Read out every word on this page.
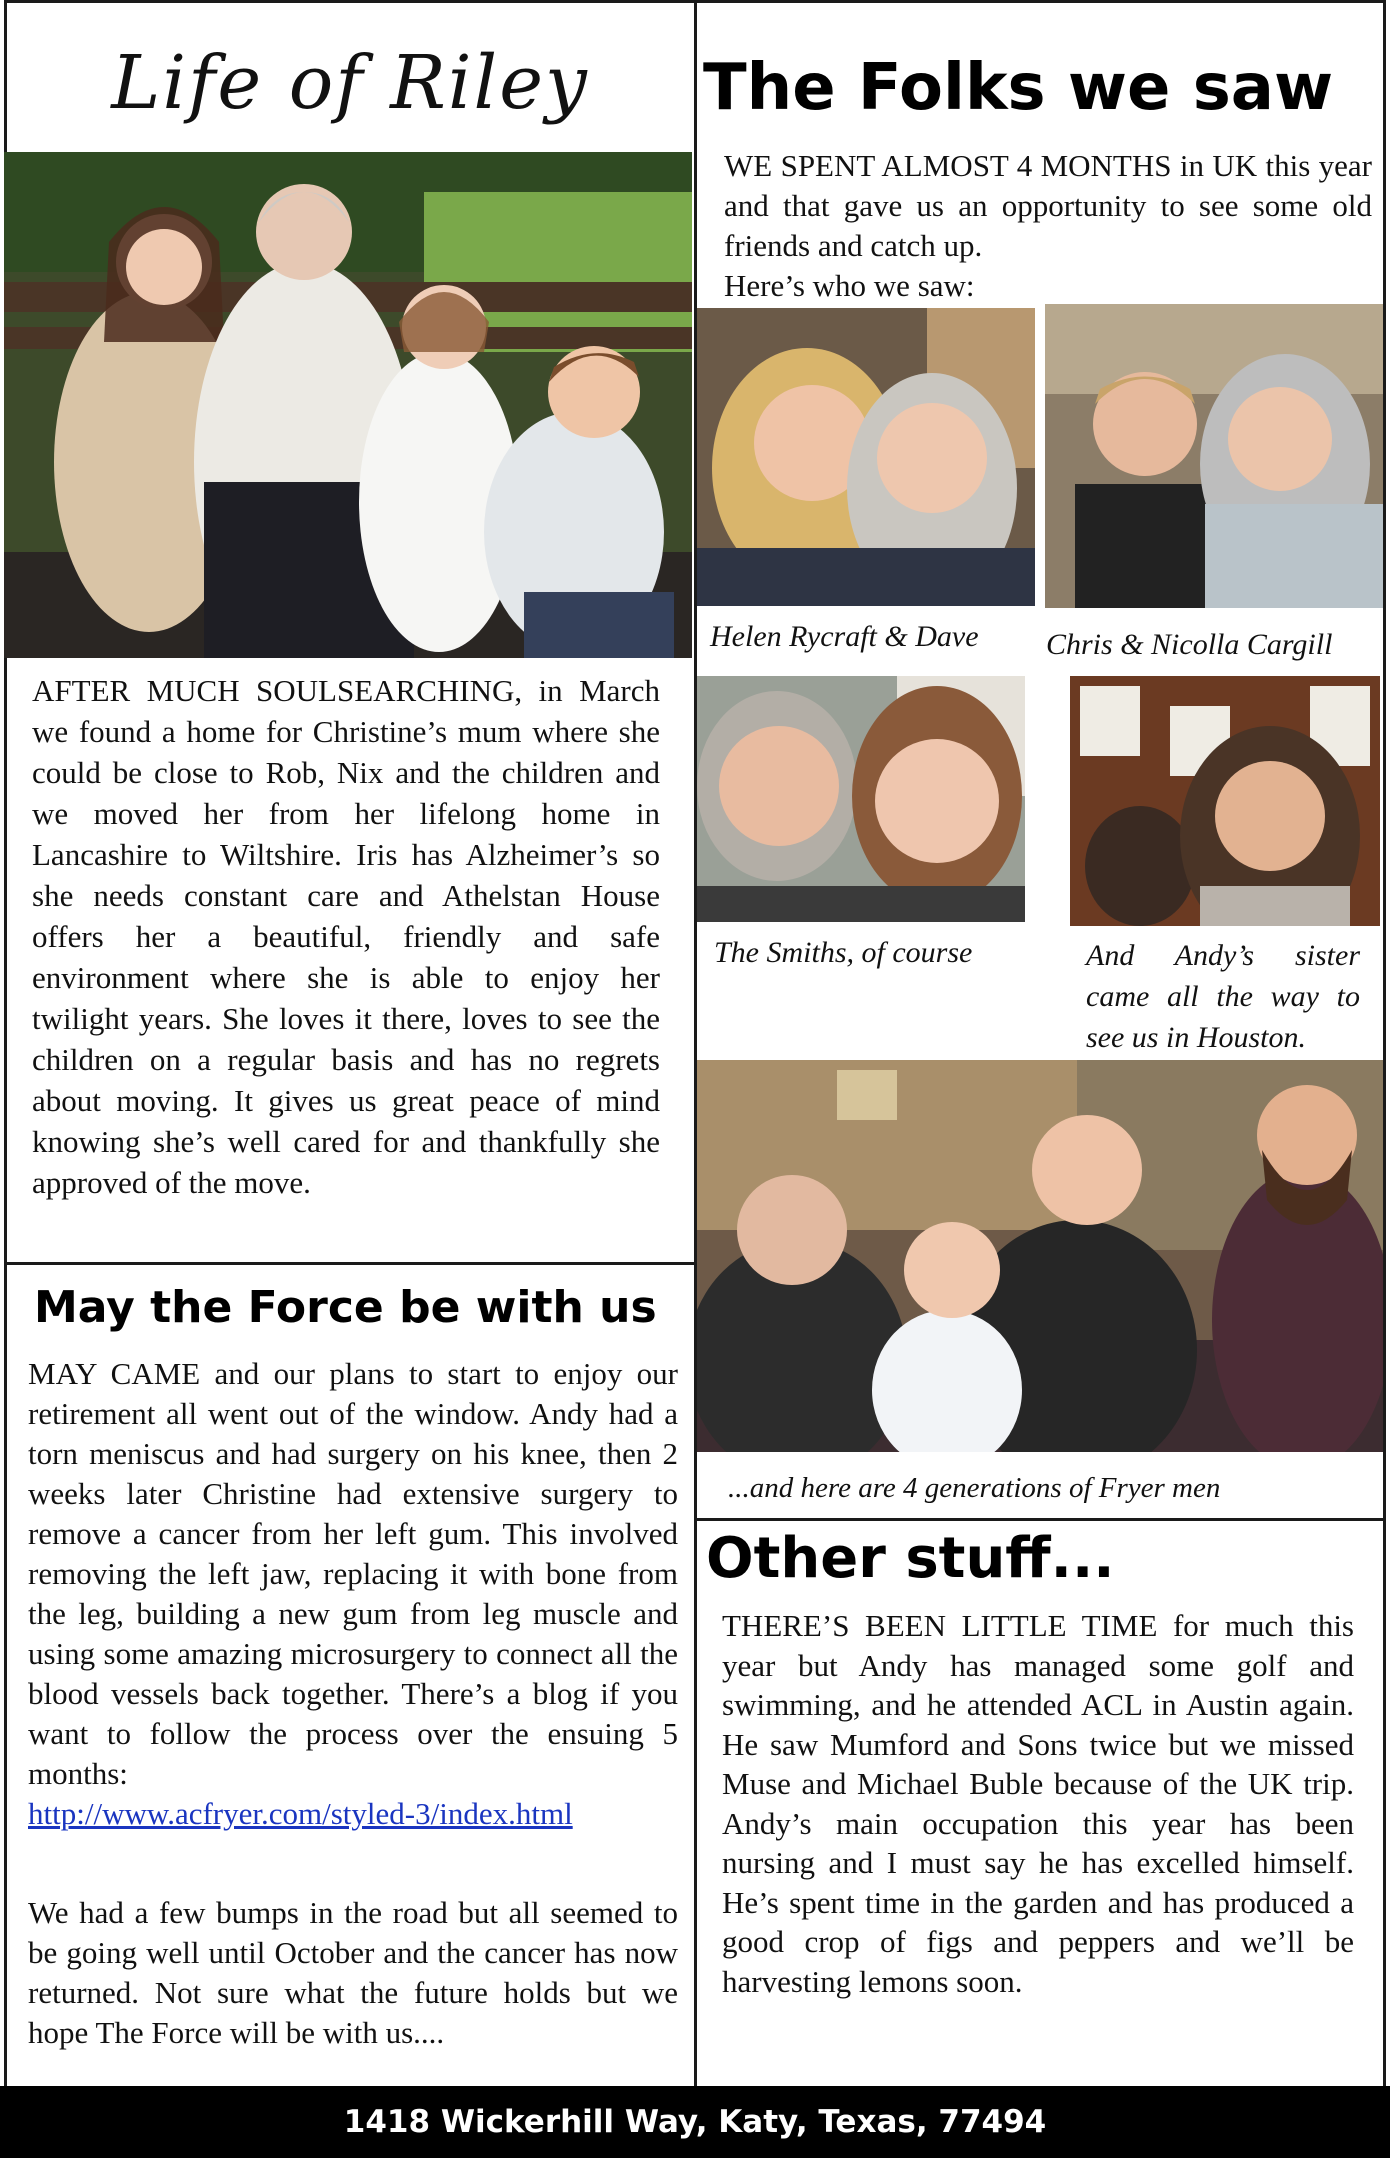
Life of Riley
AFTER MUCH SOULSEARCHING, in March we found a home for Christine’s mum where she could be close to Rob, Nix and the children and we moved her from her lifelong home in Lancashire to Wiltshire. Iris has Alzheimer’s so she needs constant care and Athelstan House offers her a beautiful, friendly and safe environment where she is able to enjoy her twilight years. She loves it there, loves to see the children on a regular basis and has no regrets about moving. It gives us great peace of mind knowing she’s well cared for and thankfully she approved of the move.
May the Force be with us
MAY CAME and our plans to start to enjoy our retirement all went out of the window. Andy had a torn meniscus and had surgery on his knee, then 2 weeks later Christine had extensive surgery to remove a cancer from her left gum. This involved removing the left jaw, replacing it with bone from the leg, building a new gum from leg muscle and using some amazing microsurgery to connect all the blood vessels back together. There’s a blog if you want to follow the process over the ensuing 5 months:
http://www.acfryer.com/styled-3/index.html
We had a few bumps in the road but all seemed to be going well until October and the cancer has now returned. Not sure what the future holds but we hope The Force will be with us....
The Folks we saw
WE SPENT ALMOST 4 MONTHS in UK this year and that gave us an opportunity to see some old friends and catch up.
Here’s who we saw:
Helen Rycraft & Dave	Chris & Nicolla Cargill
The Smiths, of course	And Andy’s sister came all the way to see us in Houston.
...and here are 4 generations of Fryer men
Other stuff...
THERE’S BEEN LITTLE TIME for much this year but Andy has managed some golf and swimming, and he attended ACL in Austin again. He saw Mumford and Sons twice but we missed Muse and Michael Buble because of the UK trip. Andy’s main occupation this year has been nursing and I must say he has excelled himself. He’s spent time in the garden and has produced a good crop of figs and peppers and we’ll be harvesting lemons soon.
1418 Wickerhill Way, Katy, Texas, 77494
